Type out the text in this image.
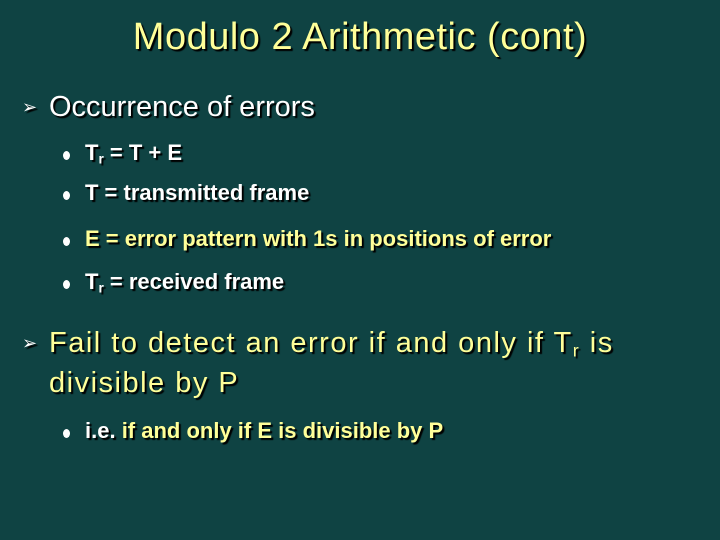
Modulo 2 Arithmetic (cont)
➢ Occurrence of errors
$T_r = T + E$
T = transmitted frame
E = error pattern with 1s in positions of error
$T_r$ = received frame
➢ Fail to detect an error if and only if $T_r$ is
divisible by P
i.e. if and only if E is divisible by P
